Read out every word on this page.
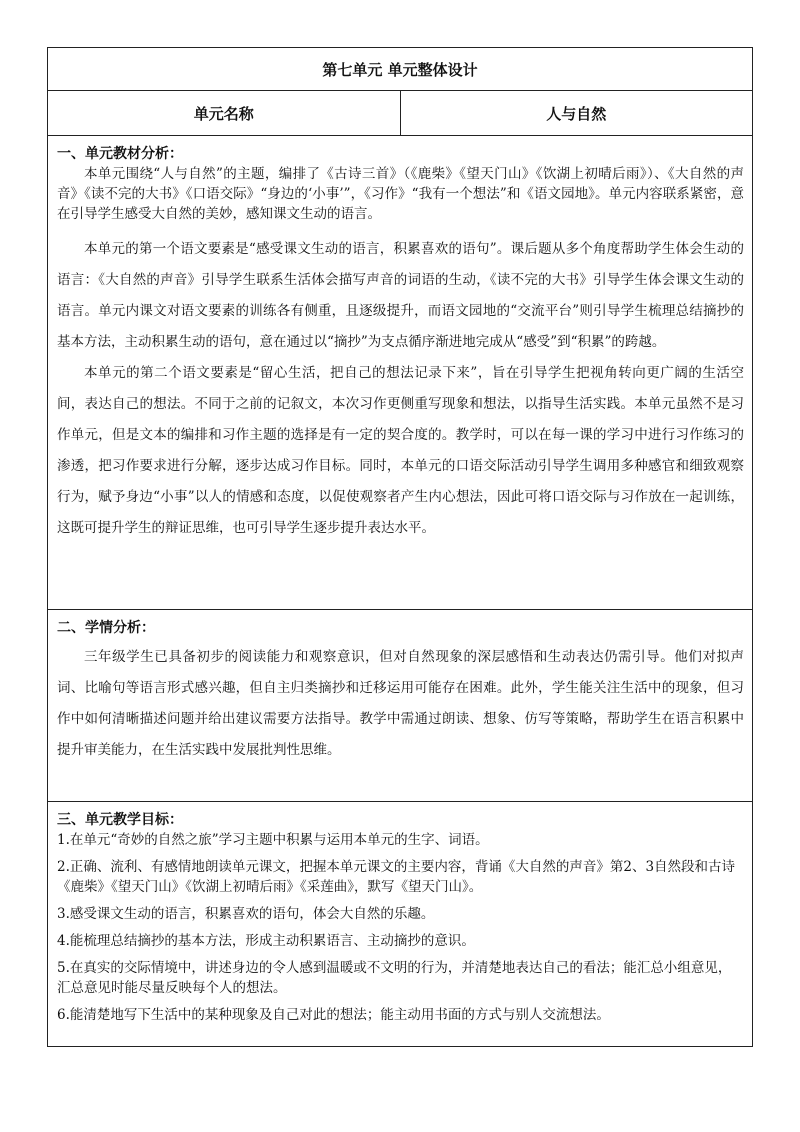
第七单元 单元整体设计
单元名称	人与自然

一、单元教材分析：

本单元围绕“人与自然”的主题，编排了《古诗三首》（《鹿柴》《望天门山》《饮湖上初晴后雨》）、《大自然的声音》《读不完的大书》《口语交际》“身边的‘小事’”，《习作》“我有一个想法”和《语文园地》。单元内容联系紧密，意在引导学生感受大自然的美妙，感知课文生动的语言。

本单元的第一个语文要素是“感受课文生动的语言，积累喜欢的语句”。课后题从多个角度帮助学生体会生动的语言：《大自然的声音》引导学生联系生活体会描写声音的词语的生动，《读不完的大书》引导学生体会课文生动的语言。单元内课文对语文要素的训练各有侧重，且逐级提升，而语文园地的“交流平台”则引导学生梳理总结摘抄的基本方法，主动积累生动的语句，意在通过以“摘抄”为支点循序渐进地完成从“感受”到“积累”的跨越。

本单元的第二个语文要素是“留心生活，把自己的想法记录下来”，旨在引导学生把视角转向更广阔的生活空间，表达自己的想法。不同于之前的记叙文，本次习作更侧重写现象和想法，以指导生活实践。本单元虽然不是习作单元，但是文本的编排和习作主题的选择是有一定的契合度的。教学时，可以在每一课的学习中进行习作练习的渗透，把习作要求进行分解，逐步达成习作目标。同时，本单元的口语交际活动引导学生调用多种感官和细致观察行为，赋予身边“小事”以人的情感和态度，以促使观察者产生内心想法，因此可将口语交际与习作放在一起训练，这既可提升学生的辩证思维，也可引导学生逐步提升表达水平。

二、学情分析：

三年级学生已具备初步的阅读能力和观察意识，但对自然现象的深层感悟和生动表达仍需引导。他们对拟声词、比喻句等语言形式感兴趣，但自主归类摘抄和迁移运用可能存在困难。此外，学生能关注生活中的现象，但习作中如何清晰描述问题并给出建议需要方法指导。教学中需通过朗读、想象、仿写等策略，帮助学生在语言积累中提升审美能力，在生活实践中发展批判性思维。

三、单元教学目标：

1.在单元“奇妙的自然之旅”学习主题中积累与运用本单元的生字、词语。

2.正确、流利、有感情地朗读单元课文，把握本单元课文的主要内容，背诵《大自然的声音》第2、3自然段和古诗《鹿柴》《望天门山》《饮湖上初晴后雨》《采莲曲》，默写《望天门山》。

3.感受课文生动的语言，积累喜欢的语句，体会大自然的乐趣。

4.能梳理总结摘抄的基本方法，形成主动积累语言、主动摘抄的意识。

5.在真实的交际情境中，讲述身边的令人感到温暖或不文明的行为，并清楚地表达自己的看法；能汇总小组意见，汇总意见时能尽量反映每个人的想法。

6.能清楚地写下生活中的某种现象及自己对此的想法；能主动用书面的方式与别人交流想法。
